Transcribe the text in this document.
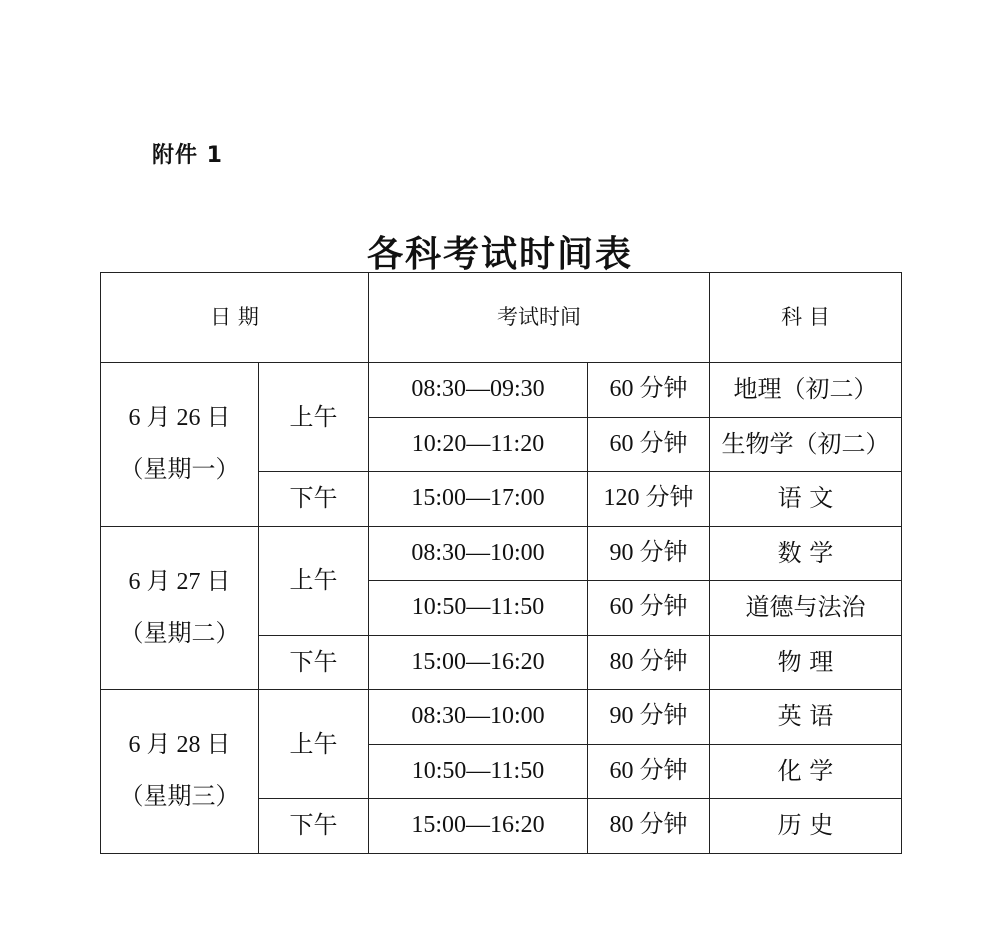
附件 1
各科考试时间表
日 期		考试时间		科 目

6 月 26 日
（星期一）	上午	08:30—09:30	60 分钟	地理（初二）
		10:20—11:20	60 分钟	生物学（初二）
	下午	15:00—17:00	120 分钟	语 文

6 月 27 日
（星期二）	上午	08:30—10:00	90 分钟	数 学
		10:50—11:50	60 分钟	道德与法治
	下午	15:00—16:20	80 分钟	物 理

6 月 28 日
（星期三）	上午	08:30—10:00	90 分钟	英 语
		10:50—11:50	60 分钟	化 学
	下午	15:00—16:20	80 分钟	历 史
